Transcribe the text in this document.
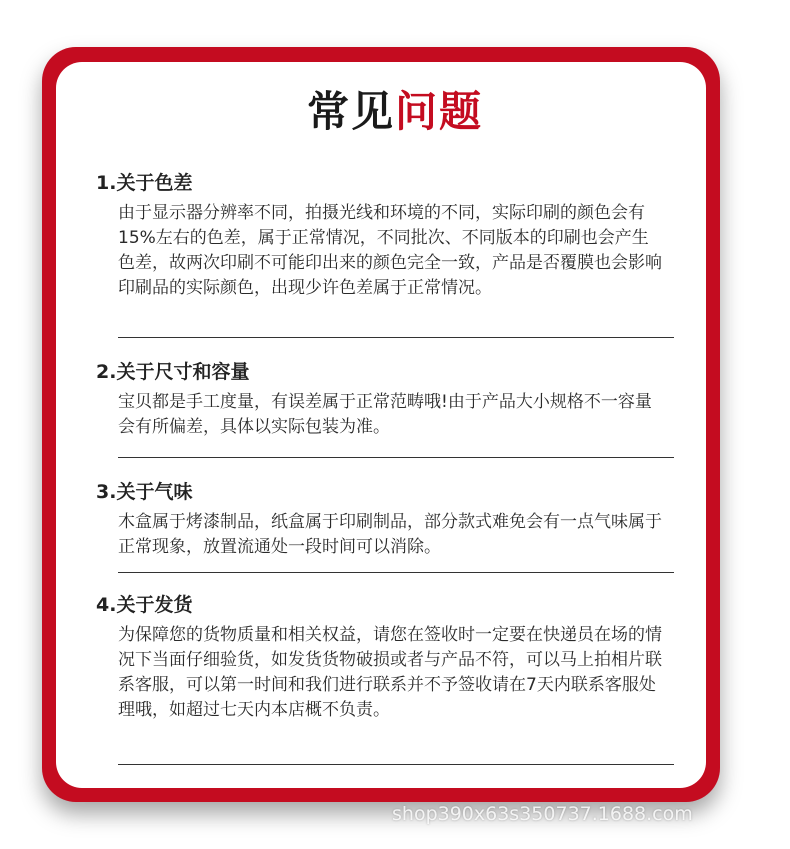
常见问题
1.关于色差

由于显示器分辨率不同，拍摄光线和环境的不同，实际印刷的颜色会有15%左右的色差，属于正常情况，不同批次、不同版本的印刷也会产生色差，故两次印刷不可能印出来的颜色完全一致，产品是否覆膜也会影响印刷品的实际颜色，出现少许色差属于正常情况。

2.关于尺寸和容量

宝贝都是手工度量，有误差属于正常范畴哦!由于产品大小规格不一容量会有所偏差，具体以实际包装为准。

3.关于气味

木盒属于烤漆制品，纸盒属于印刷制品，部分款式难免会有一点气味属于正常现象，放置流通处一段时间可以消除。

4.关于发货

为保障您的货物质量和相关权益，请您在签收时一定要在快递员在场的情况下当面仔细验货，如发货货物破损或者与产品不符，可以马上拍相片联系客服，可以第一时间和我们进行联系并不予签收请在7天内联系客服处理哦，如超过七天内本店概不负责。

shop390x63s350737.1688.com
